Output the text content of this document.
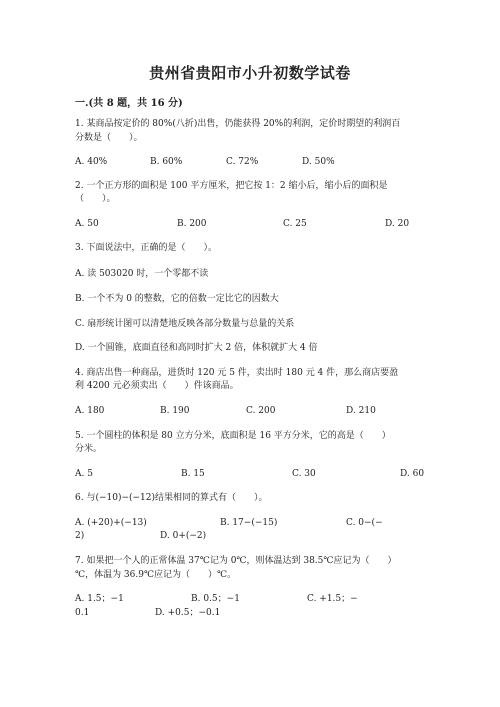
贵州省贵阳市小升初数学试卷
一.(共 8 题，共 16 分)
1. 某商品按定价的 80%(八折)出售，仍能获得 20%的利润，定价时期望的利润百
分数是（　　）。
A. 40%	B. 60%	C. 72%	D. 50%
2. 一个正方形的面积是 100 平方厘米，把它按 1：2 缩小后，缩小后的面积是
（　　）。
A. 50	B. 200	C. 25	D. 20
3. 下面说法中，正确的是（　　）。
A. 读 503020 时，一个零都不读
B. 一个不为 0 的整数，它的倍数一定比它的因数大
C. 扇形统计图可以清楚地反映各部分数量与总量的关系
D. 一个圆锥，底面直径和高同时扩大 2 倍，体积就扩大 4 倍
4. 商店出售一种商品，进货时 120 元 5 件，卖出时 180 元 4 件，那么商店要盈
利 4200 元必须卖出（　　）件该商品。
A. 180	B. 190	C. 200	D. 210
5. 一个圆柱的体积是 80 立方分米，底面积是 16 平方分米，它的高是（　　）
分米。
A. 5	B. 15	C. 30	D. 60
6. 与(−10)−(−12)结果相同的算式有（　　）。
A. (+20)+(−13)	B. 17−(−15)	C. 0−(−
2)	D. 0+(−2)
7. 如果把一个人的正常体温 37℃记为 0℃，则体温达到 38.5℃应记为（　　）
℃，体温为 36.9℃应记为（　　）℃。
A. 1.5；−1	B. 0.5；−1	C. +1.5；−
0.1	D. +0.5；−0.1
